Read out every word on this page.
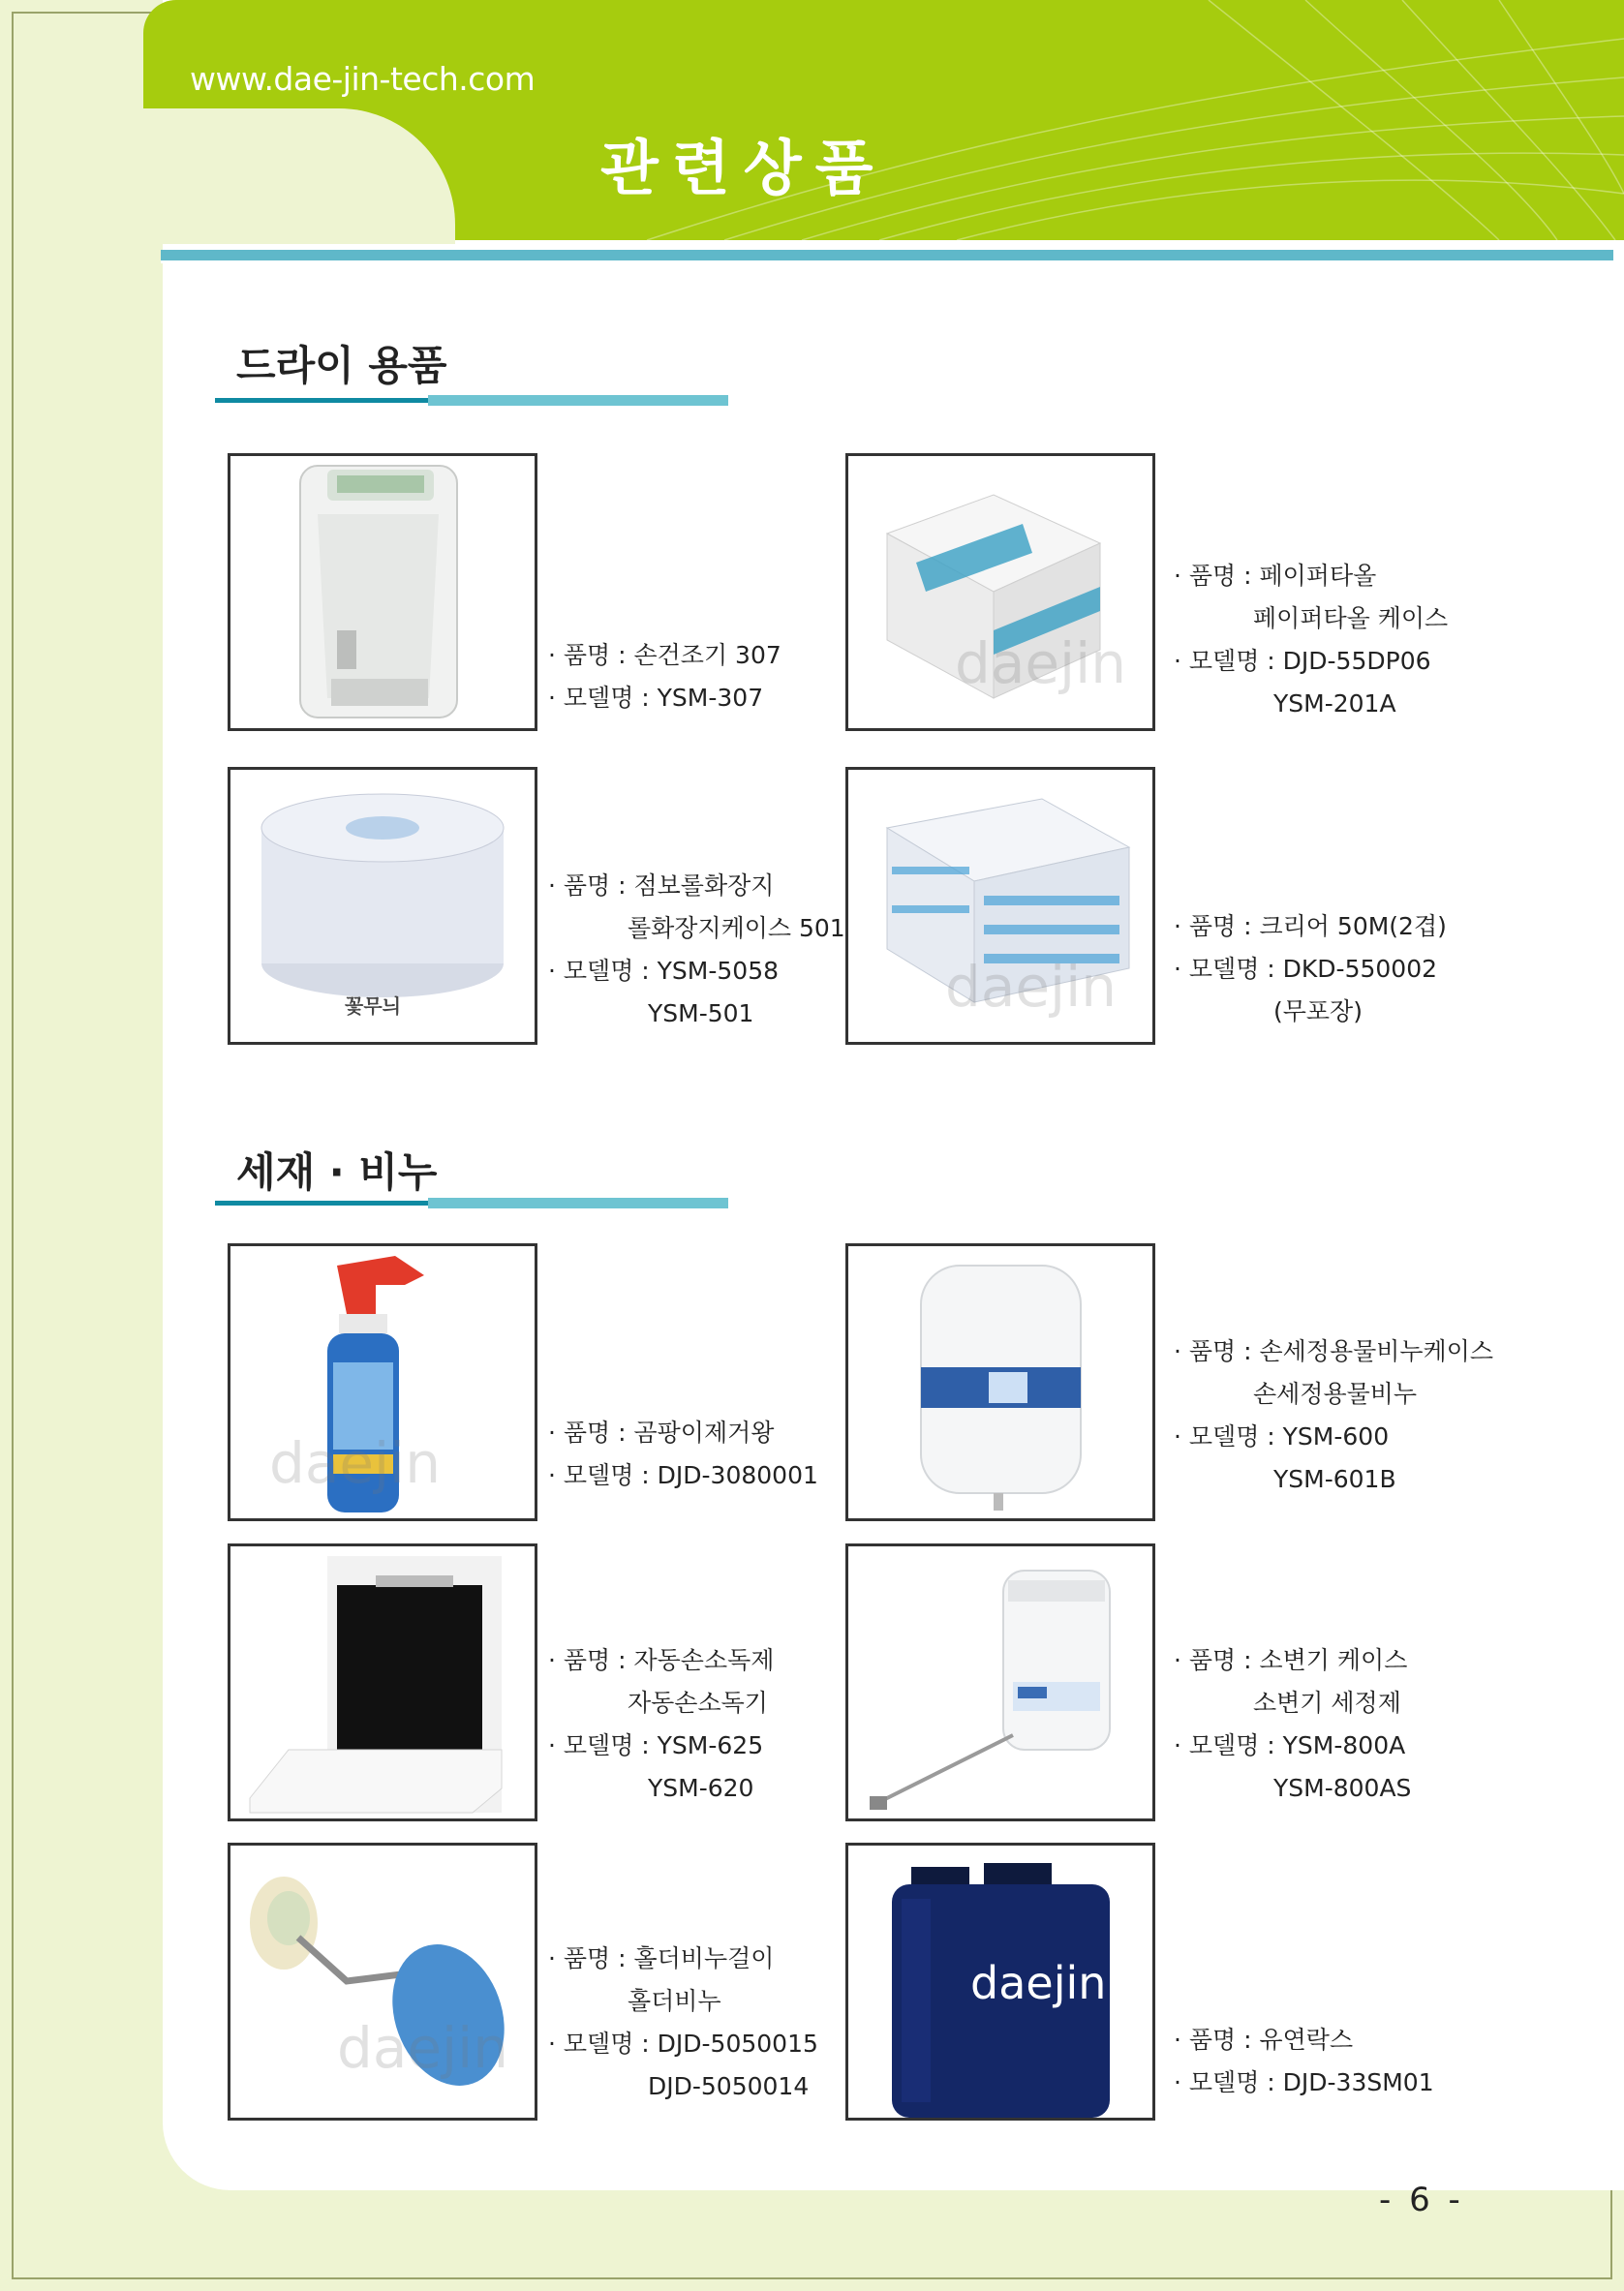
www.dae-jin-tech.com
관련상품
드라이 용품
· 품명 : 손건조기 307
· 모델명 : YSM-307
daejin
· 품명 : 페이퍼타올
페이퍼타올 케이스
· 모델명 : DJD-55DP06
YSM-201A
꽃무늬
· 품명 : 점보롤화장지
롤화장지케이스 501
· 모델명 : YSM-5058
YSM-501	daejin
· 품명 : 크리어 50M(2겹)
· 모델명 : DKD-550002
(무포장)
세재 · 비누
daejin	· 품명 : 곰팡이제거왕
· 모델명 : DJD-3080001
· 품명 : 손세정용물비누케이스
손세정용물비누
· 모델명 : YSM-600
YSM-601B
· 품명 : 자동손소독제
자동손소독기
· 모델명 : YSM-625
YSM-620
· 품명 : 소변기 케이스
소변기 세정제
· 모델명 : YSM-800A
YSM-800AS
daejin
· 품명 : 홀더비누걸이
홀더비누
· 모델명 : DJD-5050015
DJD-5050014
daejin
· 품명 : 유연락스
· 모델명 : DJD-33SM01
- 6 -
